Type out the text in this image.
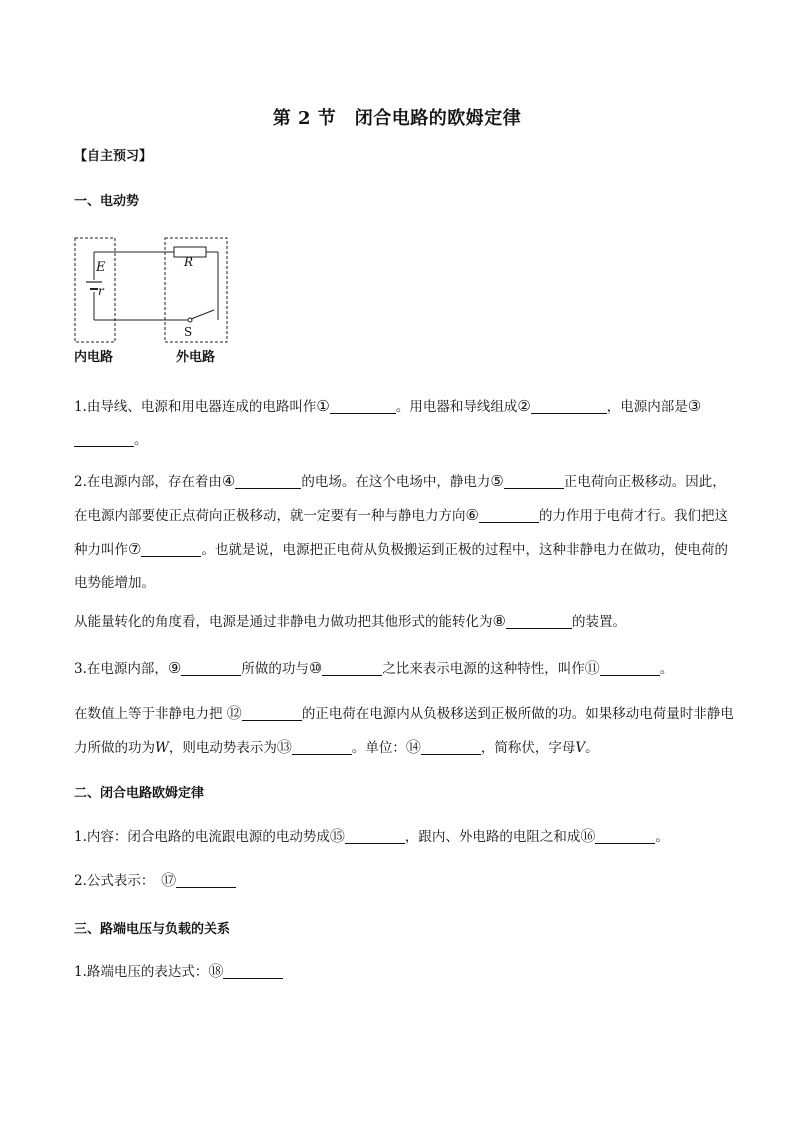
第 2 节　闭合电路的欧姆定律
【自主预习】
一、电动势
E
r
R
S
内电路	外电路
1.由导线、电源和用电器连成的电路叫作①	。用电器和导线组成②	，电源内部是③。
2.在电源内部，存在着由④	的电场。在这个电场中，静电力⑤	正电荷向正极移动。因此，在电源内部要使正点荷向正极移动，就一定要有一种与静电力方向⑥	的力作用于电荷才行。我们把这种力叫作⑦	。也就是说，电源把正电荷从负极搬运到正极的过程中，这种非静电力在做功，使电荷的电势能增加。
从能量转化的角度看，电源是通过非静电力做功把其他形式的能转化为⑧	的装置。
3.在电源内部，⑨	所做的功与⑩	之比来表示电源的这种特性，叫作⑪	。
在数值上等于非静电力把 ⑫	的正电荷在电源内从负极移送到正极所做的功。如果移动电荷量时非静电力所做的功为W，则电动势表示为⑬	。单位：⑭	，简称伏，字母V。
二、闭合电路欧姆定律
1.内容：闭合电路的电流跟电源的电动势成⑮	，跟内、外电路的电阻之和成⑯	。
2.公式表示：　⑰
三、路端电压与负载的关系
1.路端电压的表达式：⑱
